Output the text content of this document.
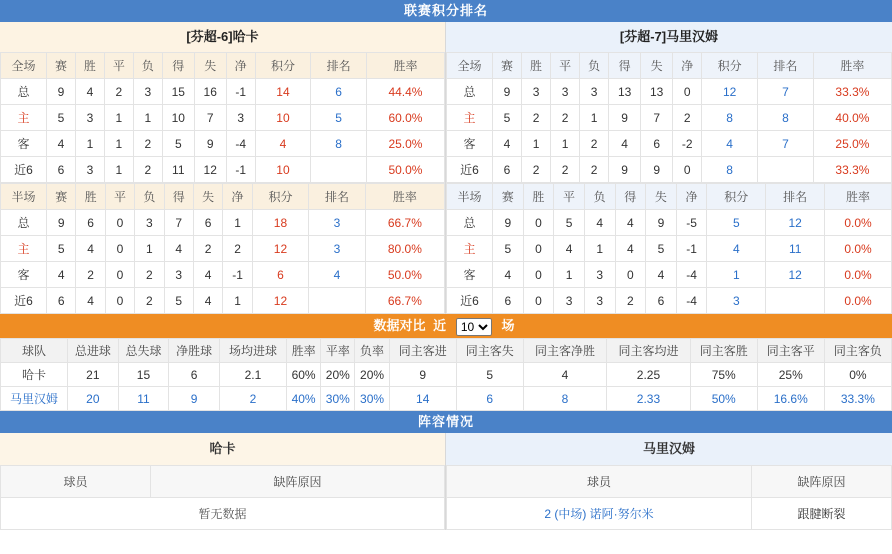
联赛积分排名
[芬超-6]哈卡
全场	赛	胜	平	负	得	失	净	积分	排名	胜率
总	9	4	2	3	15	16	-1	14	6	44.4%
主	5	3	1	1	10	7	3	10	5	60.0%
客	4	1	1	2	5	9	-4	4	8	25.0%
近6	6	3	1	2	11	12	-1	10		50.0%
半场	赛	胜	平	负	得	失	净	积分	排名	胜率
总	9	6	0	3	7	6	1	18	3	66.7%
主	5	4	0	1	4	2	2	12	3	80.0%
客	4	2	0	2	3	4	-1	6	4	50.0%
近6	6	4	0	2	5	4	1	12		66.7%
[芬超-7]马里汉姆
全场	赛	胜	平	负	得	失	净	积分	排名	胜率
总	9	3	3	3	13	13	0	12	7	33.3%
主	5	2	2	1	9	7	2	8	8	40.0%
客	4	1	1	2	4	6	-2	4	7	25.0%
近6	6	2	2	2	9	9	0	8		33.3%
半场	赛	胜	平	负	得	失	净	积分	排名	胜率
总	9	0	5	4	4	9	-5	5	12	0.0%
主	5	0	4	1	4	5	-1	4	11	0.0%
客	4	0	1	3	0	4	-4	1	12	0.0%
近6	6	0	3	3	2	6	-4	3		0.0%
数据对比 近
10	场
球队	总进球	总失球	净胜球	场均进球	胜率	平率	负率	同主客进	同主客失	同主客净胜	同主客均进	同主客胜	同主客平	同主客负
哈卡	21	15	6	2.1	60%	20%	20%	9	5	4	2.25	75%	25%	0%
马里汉姆	20	11	9	2	40%	30%	30%	14	6	8	2.33	50%	16.6%	33.3%
阵容情况
哈卡
球员	缺阵原因
暂无数据
马里汉姆
球员	缺阵原因
2 (中场) 诺阿·努尔米	跟腱断裂
